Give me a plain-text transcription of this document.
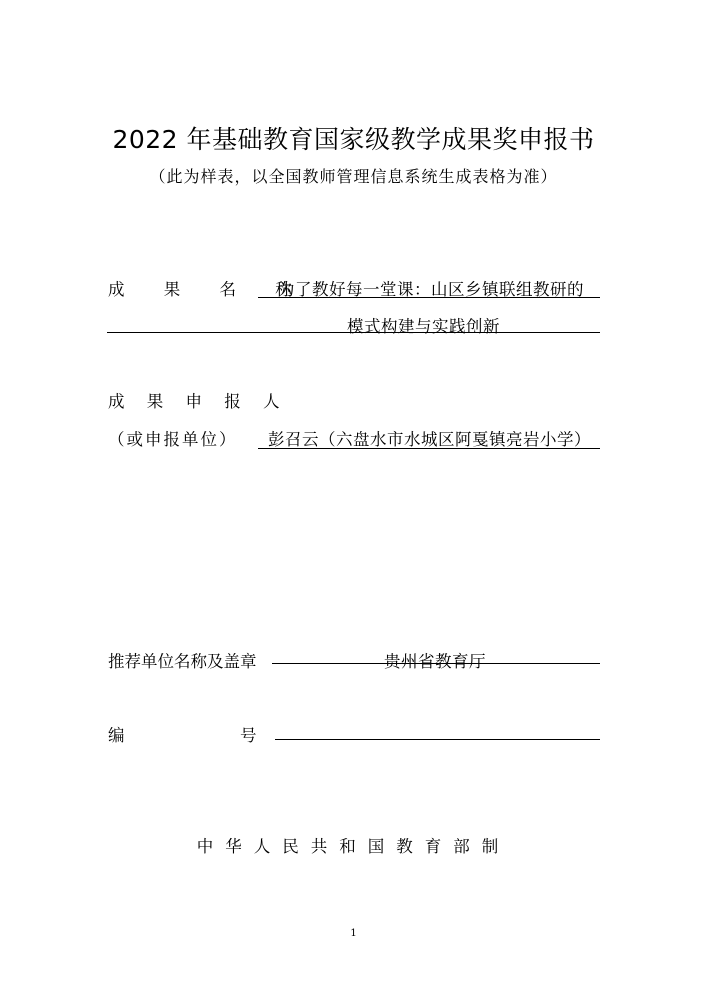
2022 年基础教育国家级教学成果奖申报书
（此为样表，以全国教师管理信息系统生成表格为准）
成 果 名 称
为了教好每一堂课：山区乡镇联组教研的
模式构建与实践创新
成 果 申 报 人
（或申报单位） 彭召云（六盘水市水城区阿戛镇亮岩小学）
推荐单位名称及盖章	贵州省教育厅
编	号
中华人民共和国教育部制
1
